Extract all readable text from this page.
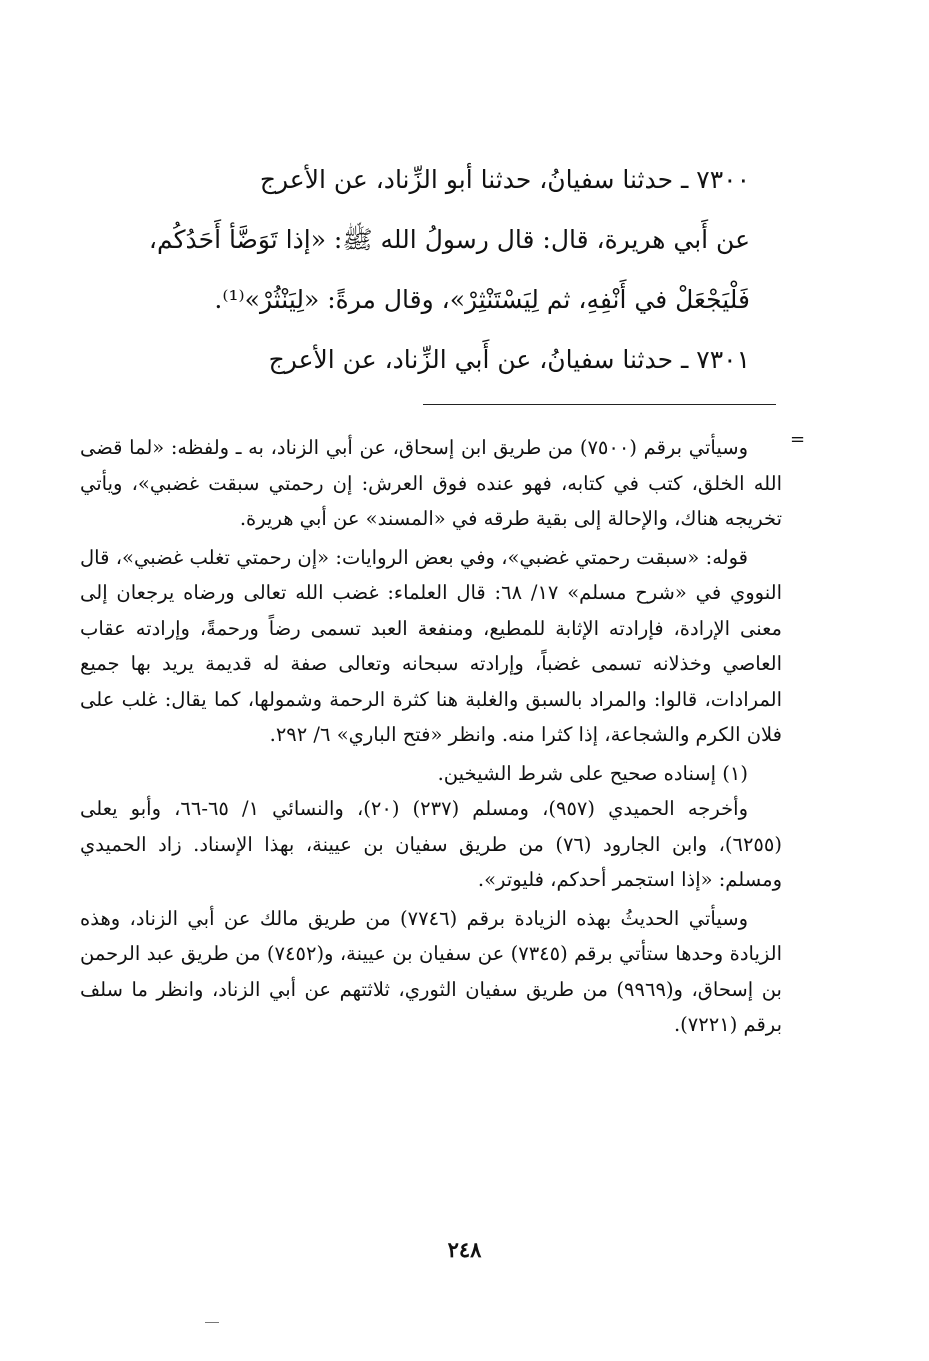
٧٣٠٠ ـ حدثنا سفيانُ، حدثنا أبو الزِّناد، عن الأعرج
عن أَبي هريرة، قال: قال رسولُ الله ﷺ: «إذا تَوَضَّأ أَحَدُكُم،
فَلْيَجْعَلْ في أَنْفِهِ، ثم لِيَسْتَنْثِرْ»، وقال مرةً: «لِيَنْثُرْ»⁽¹⁾.
٧٣٠١ ـ حدثنا سفيانُ، عن أَبي الزِّناد، عن الأعرج
=

وسيأتي برقم (٧٥٠٠) من طريق ابن إسحاق، عن أبي الزناد، به ـ ولفظه: «لما قضى الله الخلق، كتب في كتابه، فهو عنده فوق العرش: إن رحمتي سبقت غضبي»، ويأتي تخريجه هناك، والإحالة إلى بقية طرقه في «المسند» عن أبي هريرة.

قوله: «سبقت رحمتي غضبي»، وفي بعض الروايات: «إن رحمتي تغلب غضبي»، قال النووي في «شرح مسلم» ١٧/ ٦٨: قال العلماء: غضب الله تعالى ورضاه يرجعان إلى معنى الإرادة، فإرادته الإثابة للمطيع، ومنفعة العبد تسمى رضاً ورحمةً، وإرادته عقاب العاصي وخذلانه تسمى غضباً، وإرادته سبحانه وتعالى صفة له قديمة يريد بها جميع المرادات، قالوا: والمراد بالسبق والغلبة هنا كثرة الرحمة وشمولها، كما يقال: غلب على فلان الكرم والشجاعة، إذا كثرا منه. وانظر «فتح الباري» ٦/ ٢٩٢.

(١) إسناده صحيح على شرط الشيخين.

وأخرجه الحميدي (٩٥٧)، ومسلم (٢٣٧) (٢٠)، والنسائي ١/ ٦٥-٦٦، وأبو يعلى (٦٢٥٥)، وابن الجارود (٧٦) من طريق سفيان بن عيينة، بهذا الإسناد. زاد الحميدي ومسلم: «إذا استجمر أحدكم، فليوتر».

وسيأتي الحديثُ بهذه الزيادة برقم (٧٧٤٦) من طريق مالك عن أبي الزناد، وهذه الزيادة وحدها ستأتي برقم (٧٣٤٥) عن سفيان بن عيينة، و(٧٤٥٢) من طريق عبد الرحمن بن إسحاق، و(٩٩٦٩) من طريق سفيان الثوري، ثلاثتهم عن أبي الزناد، وانظر ما سلف برقم (٧٢٢١).

٢٤٨
